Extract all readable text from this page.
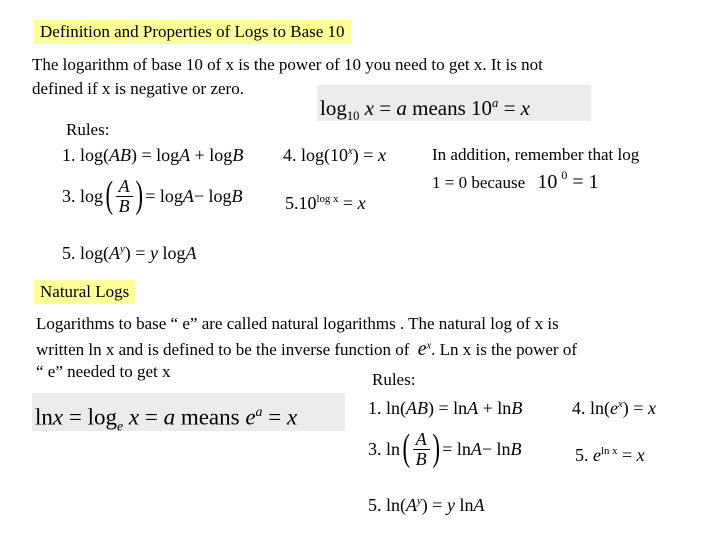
Definition and Properties of Logs to Base 10
The logarithm of base 10 of x is the power of 10 you need to get x. It is not
defined if x is negative or zero.
$\log_{10} x = a$ means $10^a = x$
Rules:
1. log(AB) = logA + logB 4. $\log(10^x) = x$	In addition, remember that log
1 = 0 because 10 $^0$ = 1
3.
log ( $\frac{A}{B}$ ) = log A − log B $5.10^{log x} = x$
5. $\log(A^y) = y$ logA
Natural Logs
Logarithms to base “ e” are called natural logarithms . The natural log of x is
written ln x and is defined to be the inverse function of $e^x$. Ln x is the power of
“ e” needed to get x	Rules:
$\ln x = \log_e x = a$ means $e^a = x$	1. ln(AB) = lnA + lnB	4. $\ln(e^x) = x$
3.
ln ( $\frac{A}{B}$ ) = ln A − ln B	5. $e^{ln x} = x$
5. $\ln(A^y) = y$ lnA
